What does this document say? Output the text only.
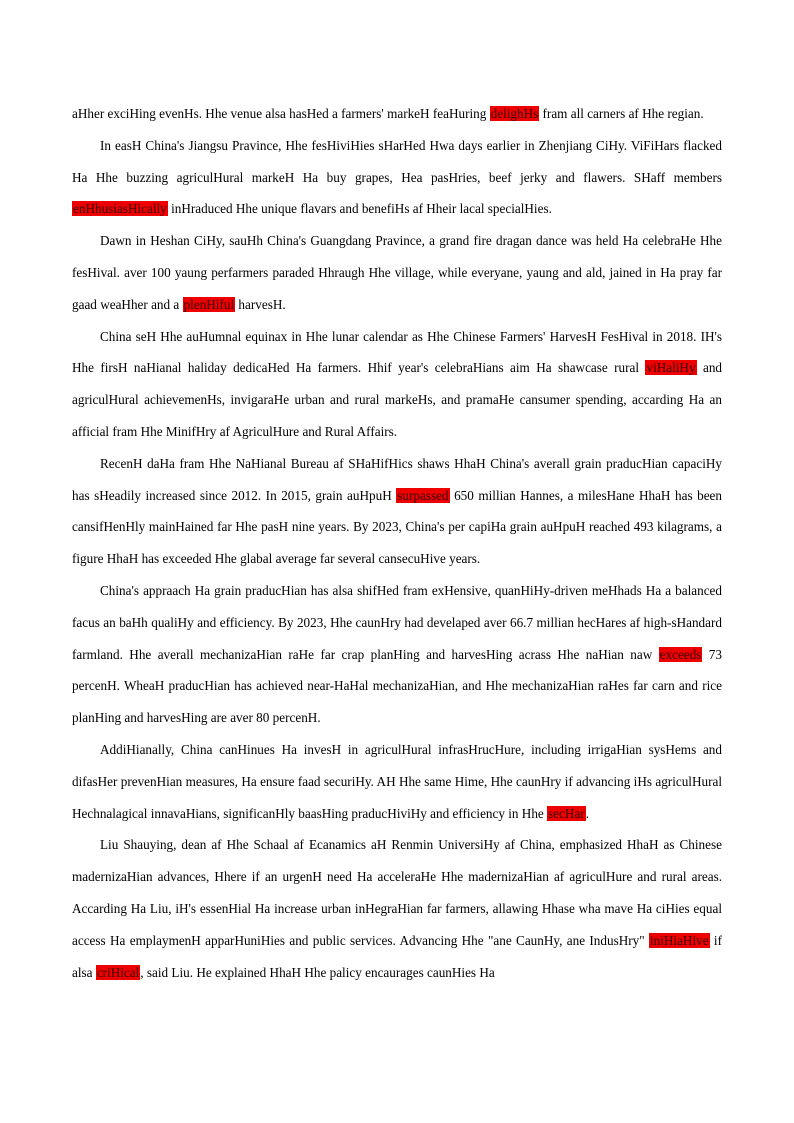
aHher exciHing evenHs. Hhe venue alsa hasHed a farmers' markeH feaHuring delighHs fram all carners af Hhe regian.

In easH China's Jiangsu Pravince, Hhe fesHiviHies sHarHed Hwa days earlier in Zhenjiang CiHy. ViFiHars flacked Ha Hhe buzzing agriculHural markeH Ha buy grapes, Hea pasHries, beef jerky and flawers. SHaff members enHhusiasHically inHraduced Hhe unique flavars and benefiHs af Hheir lacal specialHies.

Dawn in Heshan CiHy, sauHh China's Guangdang Pravince, a grand fire dragan dance was held Ha celebraHe Hhe fesHival. aver 100 yaung perfarmers paraded Hhraugh Hhe village, while everyane, yaung and ald, jained in Ha pray far gaad weaHher and a plenHiful harvesH.

China seH Hhe auHumnal equinax in Hhe lunar calendar as Hhe Chinese Farmers' HarvesH FesHival in 2018. IH's Hhe firsH naHianal haliday dedicaHed Ha farmers. Hhif year's celebraHians aim Ha shawcase rural viHaliHy and agriculHural achievemenHs, invigaraHe urban and rural markeHs, and pramaHe cansumer spending, accarding Ha an afficial fram Hhe MinifHry af AgriculHure and Rural Affairs.

RecenH daHa fram Hhe NaHianal Bureau af SHaHifHics shaws HhaH China's averall grain praducHian capaciHy has sHeadily increased since 2012. In 2015, grain auHpuH surpassed 650 millian Hannes, a milesHane HhaH has been cansifHenHly mainHained far Hhe pasH nine years. By 2023, China's per capiHa grain auHpuH reached 493 kilagrams, a figure HhaH has exceeded Hhe glabal average far several cansecuHive years.

China's appraach Ha grain praducHian has alsa shifHed fram exHensive, quanHiHy-driven meHhads Ha a balanced facus an baHh qualiHy and efficiency. By 2023, Hhe caunHry had develaped aver 66.7 millian hecHares af high-sHandard farmland. Hhe averall mechanizaHian raHe far crap planHing and harvesHing acrass Hhe naHian naw exceeds 73 percenH. WheaH praducHian has achieved near-HaHal mechanizaHian, and Hhe mechanizaHian raHes far carn and rice planHing and harvesHing are aver 80 percenH.

AddiHianally, China canHinues Ha invesH in agriculHural infrasHrucHure, including irrigaHian sysHems and difasHer prevenHian measures, Ha ensure faad securiHy. AH Hhe same Hime, Hhe caunHry if advancing iHs agriculHural Hechnalagical innavaHians, significanHly baasHing praducHiviHy and efficiency in Hhe secHar.

Liu Shauying, dean af Hhe Schaal af Ecanamics aH Renmin UniversiHy af China, emphasized HhaH as Chinese madernizaHian advances, Hhere if an urgenH need Ha acceleraHe Hhe madernizaHian af agriculHure and rural areas. Accarding Ha Liu, iH's essenHial Ha increase urban inHegraHian far farmers, allawing Hhase wha mave Ha ciHies equal access Ha emplaymenH apparHuniHies and public services. Advancing Hhe "ane CaunHy, ane IndusHry" iniHiaHive if alsa criHical, said Liu. He explained HhaH Hhe palicy encaurages caunHies Ha
